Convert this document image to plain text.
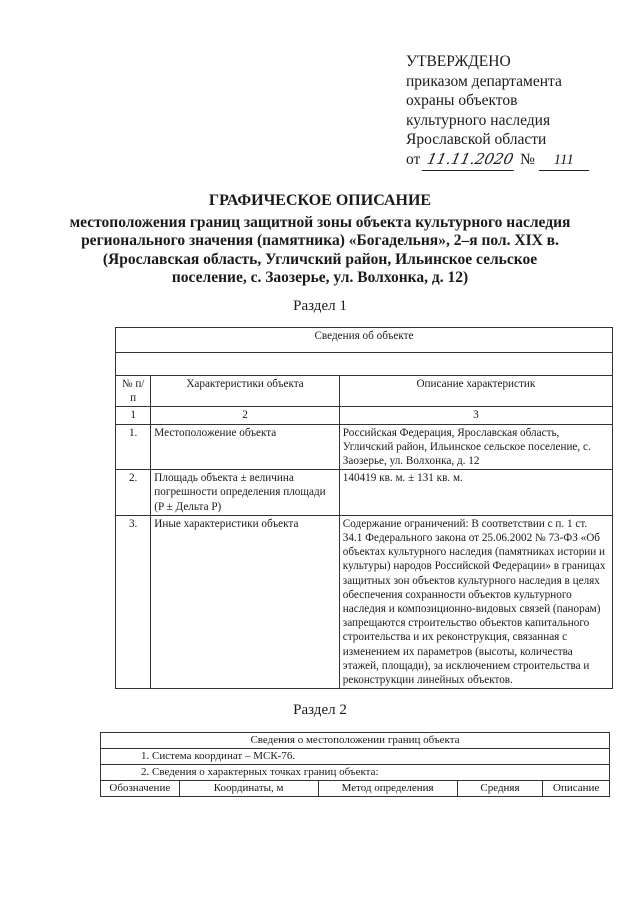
УТВЕРЖДЕНО
приказом департамента
охраны объектов
культурного наследия
Ярославской области
от 11.11.2020 № 111
ГРАФИЧЕСКОЕ ОПИСАНИЕ
местоположения границ защитной зоны объекта культурного наследия
регионального значения (памятника) «Богадельня», 2–я пол. XIX в.
(Ярославская область, Угличский район, Ильинское сельское
поселение, с. Заозерье, ул. Волхонка, д. 12)
Раздел 1
Сведения об объекте		

№ п/п	Характеристики объекта	Описание характеристик
1	2	3
1.	Местоположение объекта	Российская Федерация, Ярославская область, Угличский район, Ильинское сельское поселение, с. Заозерье, ул. Волхонка, д. 12
2.	Площадь объекта ± величина погрешности определения площади (P ± Дельта P)	140419 кв. м. ± 131 кв. м.
3.	Иные характеристики объекта	Содержание ограничений: В соответствии с п. 1 ст. 34.1 Федерального закона от 25.06.2002 № 73-ФЗ «Об объектах культурного наследия (памятниках истории и культуры) народов Российской Федерации» в границах защитных зон объектов культурного наследия в целях обеспечения сохранности объектов культурного наследия и композиционно-видовых связей (панорам) запрещаются строительство объектов капитального строительства и их реконструкция, связанная с изменением их параметров (высоты, количества этажей, площади), за исключением строительства и реконструкции линейных объектов.
Раздел 2
Сведения о местоположении границ объекта
1. Система координат – МСК-76.
2. Сведения о характерных точках границ объекта:
Обозначение	Координаты, м	Метод определения	Средняя	Описание
